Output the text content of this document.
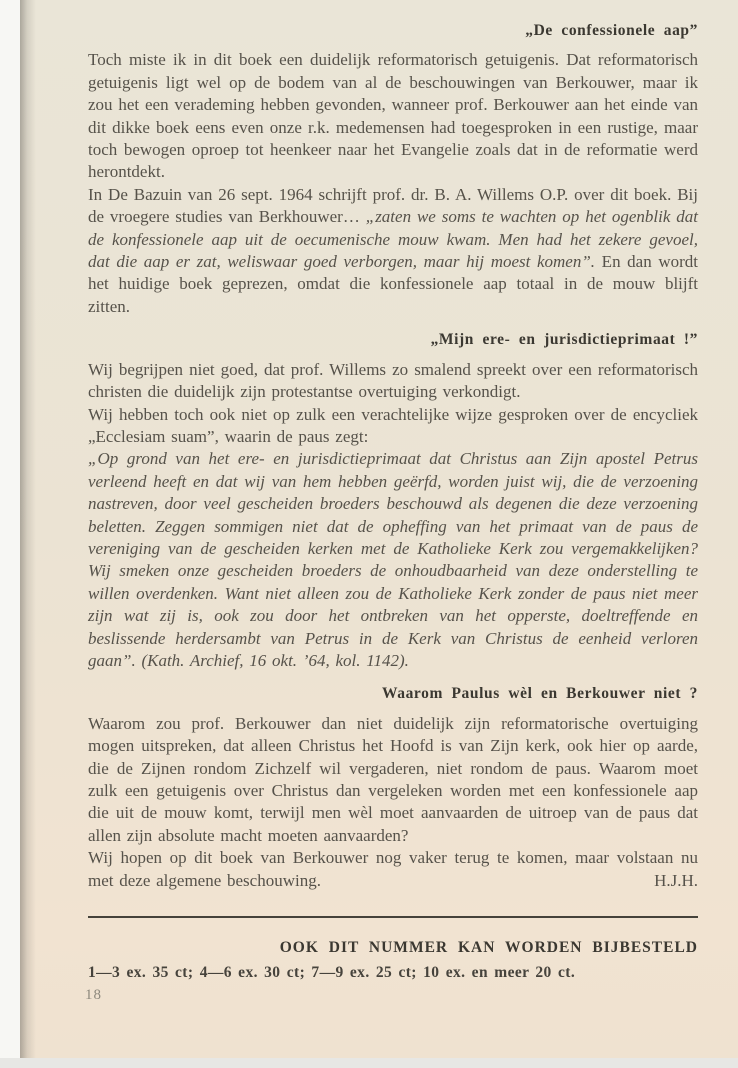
„De confessionele aap”

Toch miste ik in dit boek een duidelijk reformatorisch getuigenis. Dat reformatorisch getuigenis ligt wel op de bodem van al de beschouwingen van Berkouwer, maar ik zou het een verademing hebben gevonden, wanneer prof. Berkouwer aan het einde van dit dikke boek eens even onze r.k. medemensen had toegesproken in een rustige, maar toch bewogen oproep tot heenkeer naar het Evangelie zoals dat in de reformatie werd herontdekt.

In De Bazuin van 26 sept. 1964 schrijft prof. dr. B. A. Willems O.P. over dit boek. Bij de vroegere studies van Berkhouwer… „zaten we soms te wachten op het ogenblik dat de konfessionele aap uit de oecumenische mouw kwam. Men had het zekere gevoel, dat die aap er zat, weliswaar goed verborgen, maar hij moest komen”. En dan wordt het huidige boek geprezen, omdat die konfessionele aap totaal in de mouw blijft zitten.

„Mijn ere- en jurisdictieprimaat !”

Wij begrijpen niet goed, dat prof. Willems zo smalend spreekt over een reformatorisch christen die duidelijk zijn protestantse overtuiging verkondigt.

Wij hebben toch ook niet op zulk een verachtelijke wijze gesproken over de encycliek „Ecclesiam suam”, waarin de paus zegt:

„Op grond van het ere- en jurisdictieprimaat dat Christus aan Zijn apostel Petrus verleend heeft en dat wij van hem hebben geërfd, worden juist wij, die de verzoening nastreven, door veel gescheiden broeders beschouwd als degenen die deze verzoening beletten. Zeggen sommigen niet dat de opheffing van het primaat van de paus de vereniging van de gescheiden kerken met de Katholieke Kerk zou vergemakkelijken? Wij smeken onze gescheiden broeders de onhoudbaarheid van deze onderstelling te willen overdenken. Want niet alleen zou de Katholieke Kerk zonder de paus niet meer zijn wat zij is, ook zou door het ontbreken van het opperste, doeltreffende en beslissende herdersambt van Petrus in de Kerk van Christus de eenheid verloren gaan”. (Kath. Archief, 16 okt. ’64, kol. 1142).

Waarom Paulus wèl en Berkouwer niet ?

Waarom zou prof. Berkouwer dan niet duidelijk zijn reformatorische overtuiging mogen uitspreken, dat alleen Christus het Hoofd is van Zijn kerk, ook hier op aarde, die de Zijnen rondom Zichzelf wil vergaderen, niet rondom de paus. Waarom moet zulk een getuigenis over Christus dan vergeleken worden met een konfessionele aap die uit de mouw komt, terwijl men wèl moet aanvaarden de uitroep van de paus dat allen zijn absolute macht moeten aanvaarden?

Wij hopen op dit boek van Berkouwer nog vaker terug te komen, maar volstaan nu met deze algemene beschouwing.	H.J.H.

OOK DIT NUMMER KAN WORDEN BIJBESTELD
1—3 ex. 35 ct; 4—6 ex. 30 ct; 7—9 ex. 25 ct; 10 ex. en meer 20 ct.
18
